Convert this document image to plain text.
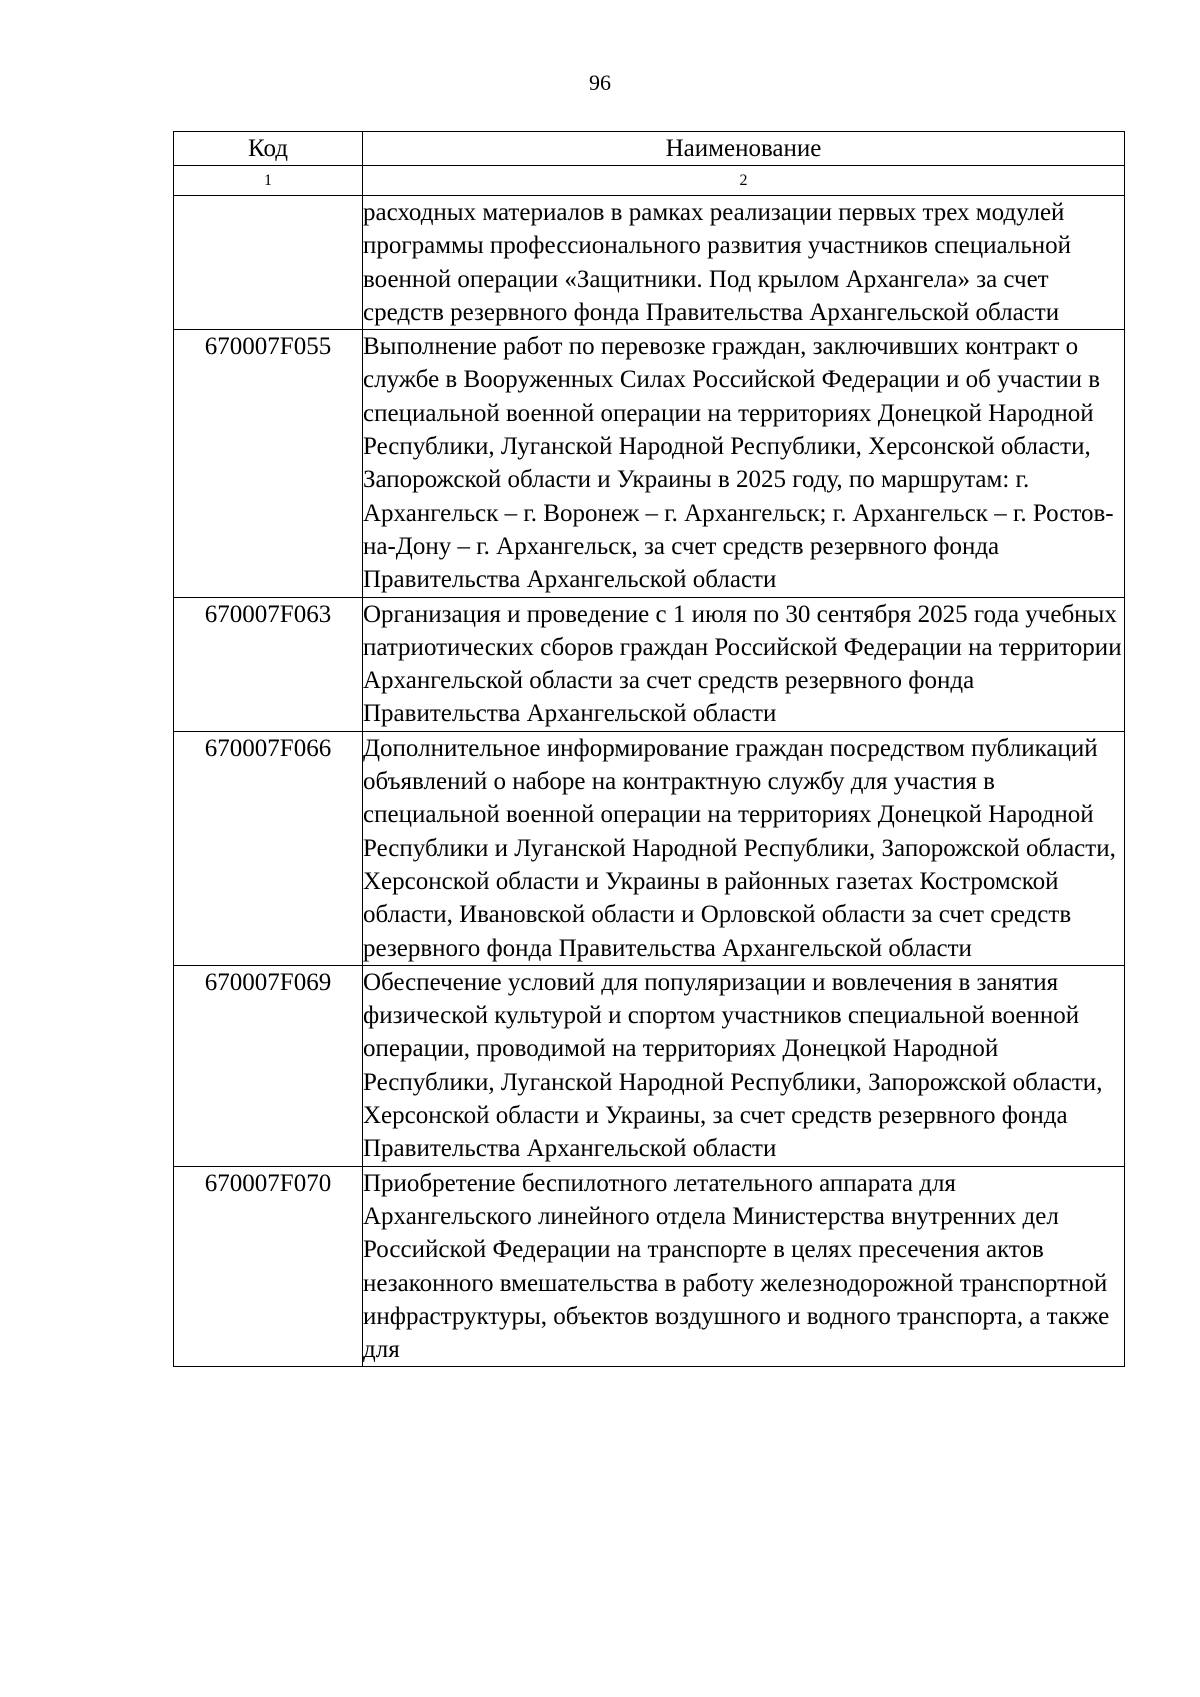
96
Код	Наименование
1	2
	расходных материалов в рамках реализации первых трех модулей программы профессионального развития участников специальной военной операции «Защитники. Под крылом Архангела» за счет средств резервного фонда Правительства Архангельской области
670007F055	Выполнение работ по перевозке граждан, заключивших контракт о службе в Вооруженных Силах Российской Федерации и об участии в специальной военной операции на территориях Донецкой Народной Республики, Луганской Народной Республики, Херсонской области, Запорожской области и Украины в 2025 году, по маршрутам: г. Архангельск – г. Воронеж – г. Архангельск; г. Архангельск – г. Ростов-на-Дону – г. Архангельск, за счет средств резервного фонда Правительства Архангельской области
670007F063	Организация и проведение с 1 июля по 30 сентября 2025 года учебных патриотических сборов граждан Российской Федерации на территории Архангельской области за счет средств резервного фонда Правительства Архангельской области
670007F066	Дополнительное информирование граждан посредством публикаций объявлений о наборе на контрактную службу для участия в специальной военной операции на территориях Донецкой Народной Республики и Луганской Народной Республики, Запорожской области, Херсонской области и Украины в районных газетах Костромской области, Ивановской области и Орловской области за счет средств резервного фонда Правительства Архангельской области
670007F069	Обеспечение условий для популяризации и вовлечения в занятия физической культурой и спортом участников специальной военной операции, проводимой на территориях Донецкой Народной Республики, Луганской Народной Республики, Запорожской области, Херсонской области и Украины, за счет средств резервного фонда Правительства Архангельской области
670007F070	Приобретение беспилотного летательного аппарата для Архангельского линейного отдела Министерства внутренних дел Российской Федерации на транспорте в целях пресечения актов незаконного вмешательства в работу железнодорожной транспортной инфраструктуры, объектов воздушного и водного транспорта, а также для
